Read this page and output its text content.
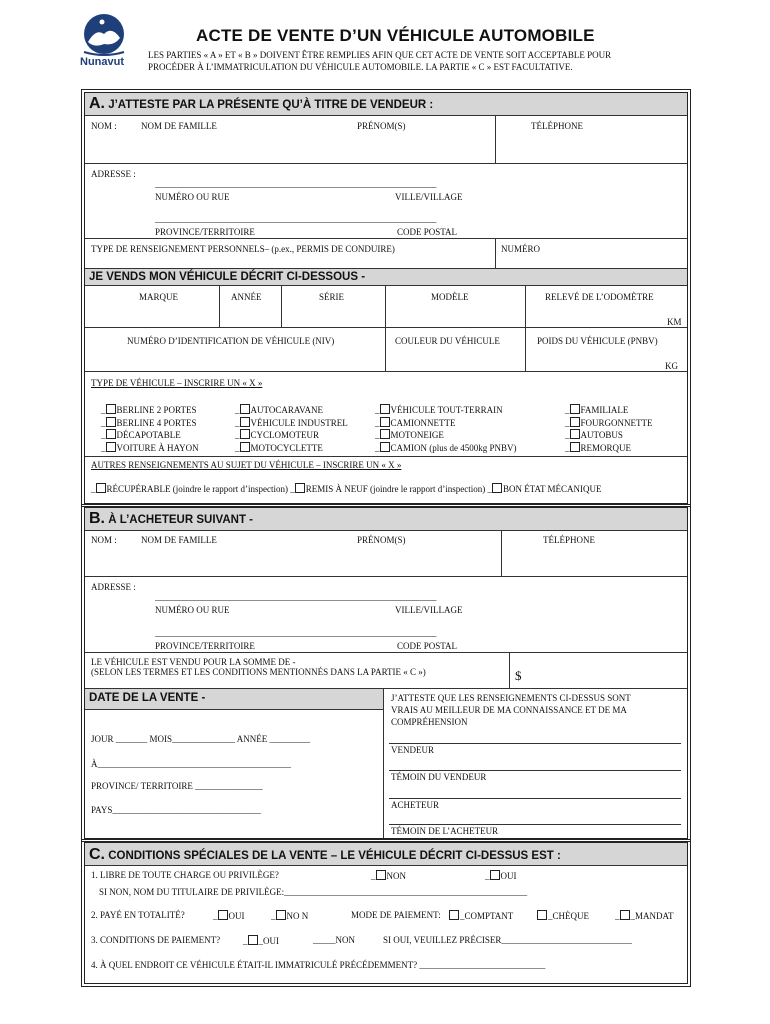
Nunavut
ACTE DE VENTE D’UN VÉHICULE AUTOMOBILE
LES PARTIES « A » ET « B » DOIVENT ÊTRE REMPLIES AFIN QUE CET ACTE DE VENTE SOIT ACCEPTABLE POUR
PROCÉDER À L’IMMATRICULATION DU VÉHICULE AUTOMOBILE. LA PARTIE « C » EST FACULTATIVE.
A. J’ATTESTE PAR LA PRÉSENTE QU’À TITRE DE VENDEUR :
NOM :	NOM DE FAMILLE	PRÉNOM(S)	TÉLÉPHONE
ADRESSE :
________________________________________________________________________
NUMÉRO OU RUE	VILLE/VILLAGE
________________________________________________________________________
PROVINCE/TERRITOIRE	CODE POSTAL
TYPE DE RENSEIGNEMENT PERSONNELS– (p.ex., PERMIS DE CONDUIRE)	NUMÉRO
JE VENDS MON VÉHICULE DÉCRIT CI-DESSOUS -
MARQUE	ANNÉE	SÉRIE	MODÈLE	RELEVÉ DE L’ODOMÈTRE
KM
NUMÉRO D’IDENTIFICATION DE VÉHICULE (NIV)	COULEUR DU VÉHICULE	POIDS DU VÉHICULE (PNBV)
KG
TYPE DE VÉHICULE – INSCRIRE UN « X »
_ BERLINE 2 PORTES
_ BERLINE 4 PORTES
_ DÉCAPOTABLE
_ VOITURE À HAYON
_ AUTOCARAVANE
_ VÉHICULE INDUSTREL
_ CYCLOMOTEUR
_ MOTOCYCLETTE
_ VÉHICULE TOUT-TERRAIN
_ CAMIONNETTE
_ MOTONEIGE
_ CAMION (plus de 4500kg PNBV)
_ FAMILIALE
_ FOURGONNETTE
_ AUTOBUS
_ REMORQUE
AUTRES RENSEIGNEMENTS AU SUJET DU VÉHICULE – INSCRIRE UN « X »
_ RÉCUPÉRABLE (joindre le rapport d’inspection) _ REMIS À NEUF (joindre le rapport d’inspection) _ BON ÉTAT MÉCANIQUE
B. À L’ACHETEUR SUIVANT -
NOM :	NOM DE FAMILLE	PRÉNOM(S)	TÉLÉPHONE
ADRESSE :
________________________________________________________________________
NUMÉRO OU RUE	VILLE/VILLAGE
________________________________________________________________________
PROVINCE/TERRITOIRE	CODE POSTAL
LE VÉHICULE EST VENDU POUR LA SOMME DE -
(SELON LES TERMES ET LES CONDITIONS MENTIONNÉS DANS LA PARTIE « C »)	$
DATE DE LA VENTE -
JOUR _______ MOIS______________ ANNÉE _________
À___________________________________________
PROVINCE/ TERRITOIRE _______________
PAYS_________________________________
J’ATTESTE QUE LES RENSEIGNEMENTS CI-DESSUS SONT
VRAIS AU MEILLEUR DE MA CONNAISSANCE ET DE MA
COMPRÉHENSION
VENDEUR
TÉMOIN DU VENDEUR
ACHETEUR
TÉMOIN DE L’ACHETEUR
C. CONDITIONS SPÉCIALES DE LA VENTE – LE VÉHICULE DÉCRIT CI-DESSUS EST :
1. LIBRE DE TOUTE CHARGE OU PRIVILÈGE?	_ NON	_ OUI
SI NON, NOM DU TITULAIRE DE PRIVILÈGE:______________________________________________________
2. PAYÉ EN TOTALITÉ?	_ OUI	_ NO N	MODE DE PAIEMENT:	_COMPTANT	_CHÈQUE	_ _MANDAT
3. CONDITIONS DE PAIEMENT?	_ _OUI	_____NON	SI OUI, VEUILLEZ PRÉCISER_____________________________
4. À QUEL ENDROIT CE VÉHICULE ÉTAIT-IL IMMATRICULÉ PRÉCÉDEMMENT? ____________________________
